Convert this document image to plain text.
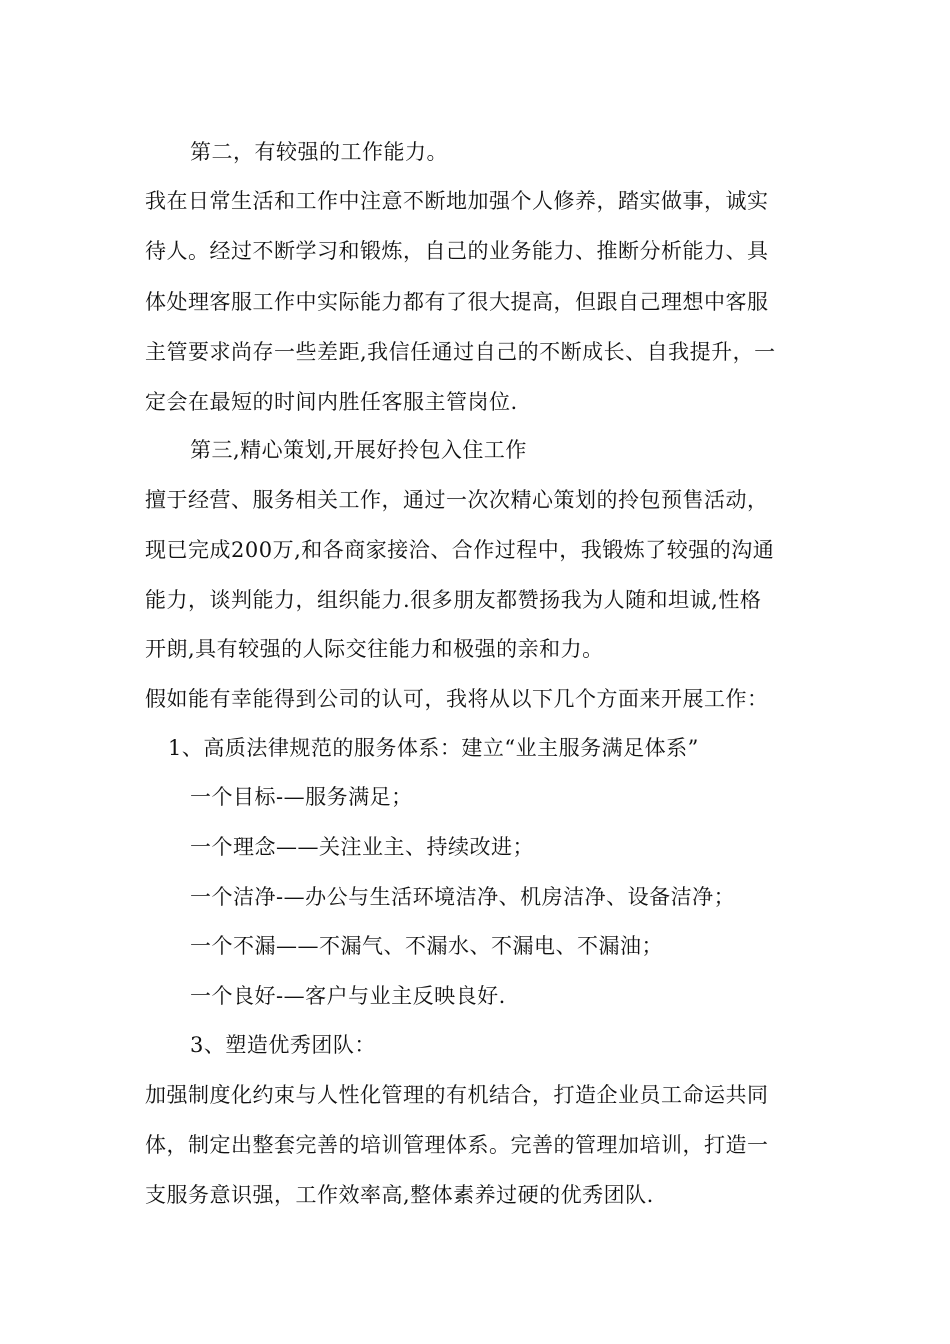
第二，有较强的工作能力。
我在日常生活和工作中注意不断地加强个人修养，踏实做事，诚实
待人。经过不断学习和锻炼，自己的业务能力、推断分析能力、具
体处理客服工作中实际能力都有了很大提高，但跟自己理想中客服
主管要求尚存一些差距,我信任通过自己的不断成长、自我提升，一
定会在最短的时间内胜任客服主管岗位.
第三,精心策划,开展好拎包入住工作
擅于经营、服务相关工作，通过一次次精心策划的拎包预售活动，
现已完成200万,和各商家接洽、合作过程中，我锻炼了较强的沟通
能力，谈判能力，组织能力.很多朋友都赞扬我为人随和坦诚,性格
开朗,具有较强的人际交往能力和极强的亲和力。
假如能有幸能得到公司的认可，我将从以下几个方面来开展工作：
1、高质法律规范的服务体系：建立“业主服务满足体系”
一个目标-—服务满足；
一个理念——关注业主、持续改进；
一个洁净-—办公与生活环境洁净、机房洁净、设备洁净；
一个不漏——不漏气、不漏水、不漏电、不漏油；
一个良好-—客户与业主反映良好.
3、塑造优秀团队：
加强制度化约束与人性化管理的有机结合，打造企业员工命运共同
体，制定出整套完善的培训管理体系。完善的管理加培训，打造一
支服务意识强，工作效率高,整体素养过硬的优秀团队.
